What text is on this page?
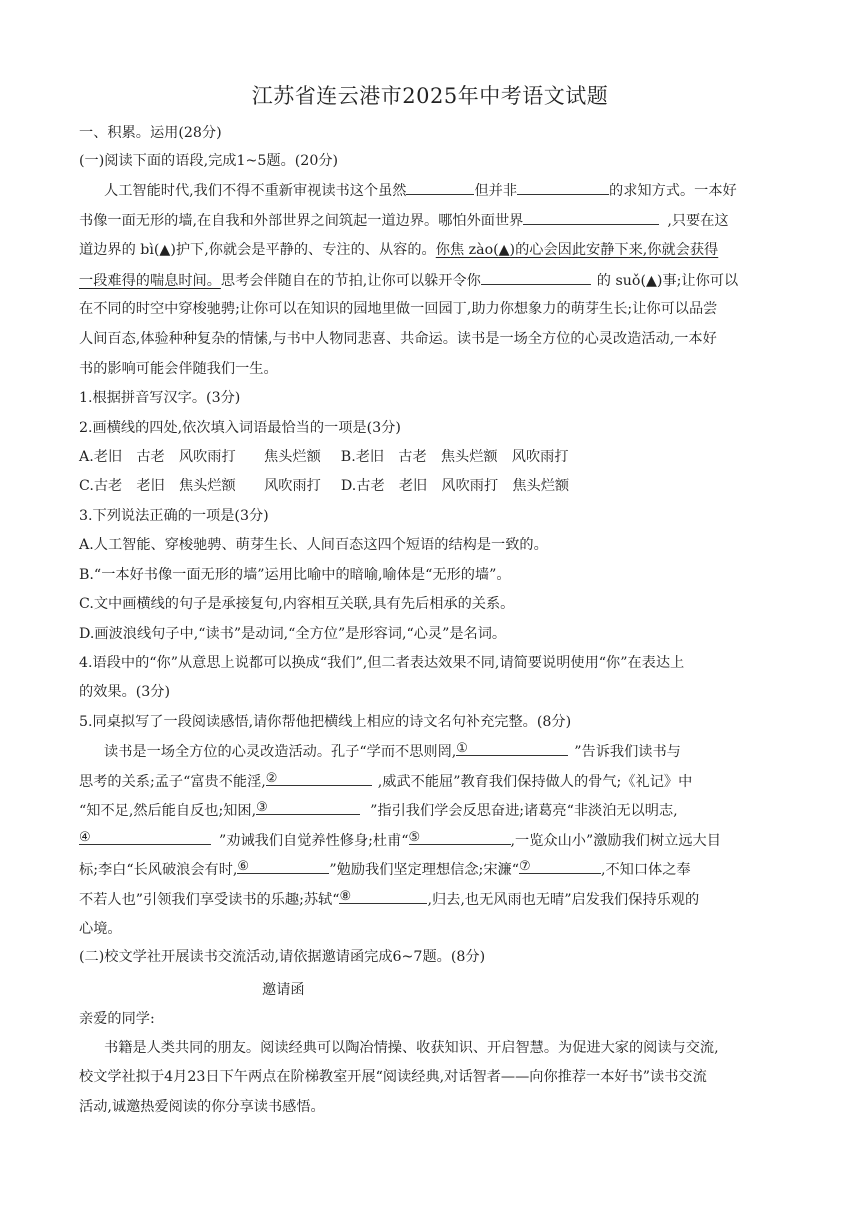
江苏省连云港市2025年中考语文试题
一、积累。运用(28分)
(一)阅读下面的语段,完成1~5题。(20分)
人工智能时代,我们不得不重新审视读书这个虽然	但并非	的求知方式。一本好
书像一面无形的墙,在自我和外部世界之间筑起一道边界。哪怕外面世界	,只要在这
道边界的 bì(▲)护下,你就会是平静的、专注的、从容的。你焦 zào(▲)的心会因此安静下来,你就会获得
一段难得的喘息时间。思考会伴随自在的节拍,让你可以躲开令你	的 suǒ(▲)事;让你可以
在不同的时空中穿梭驰骋;让你可以在知识的园地里做一回园丁,助力你想象力的萌芽生长;让你可以品尝
人间百态,体验种种复杂的情愫,与书中人物同悲喜、共命运。读书是一场全方位的心灵改造活动,一本好
书的影响可能会伴随我们一生。
1.根据拼音写汉字。(3分)
2.画横线的四处,依次填入词语最恰当的一项是(3分)
A.老旧　古老　风吹雨打　　焦头烂额 B.老旧　古老　焦头烂额　风吹雨打
C.古老　老旧　焦头烂额　　风吹雨打 D.古老　老旧　风吹雨打　焦头烂额
3.下列说法正确的一项是(3分)
A.人工智能、穿梭驰骋、萌芽生长、人间百态这四个短语的结构是一致的。
B.“一本好书像一面无形的墙”运用比喻中的暗喻,喻体是“无形的墙”。
C.文中画横线的句子是承接复句,内容相互关联,具有先后相承的关系。
D.画波浪线句子中,“读书”是动词,“全方位”是形容词,“心灵”是名词。
4.语段中的“你”从意思上说都可以换成“我们”,但二者表达效果不同,请简要说明使用“你”在表达上
的效果。(3分)
5.同桌拟写了一段阅读感悟,请你帮他把横线上相应的诗文名句补充完整。(8分)
读书是一场全方位的心灵改造活动。孔子“学而不思则罔, ①	”告诉我们读书与
思考的关系;孟子“富贵不能淫, ②	,威武不能屈”教育我们保持做人的骨气;《礼记》中
“知不足,然后能自反也;知困, ③	”指引我们学会反思奋进;诸葛亮“非淡泊无以明志,
④	”劝诫我们自觉养性修身;杜甫“ ⑤	,一览众山小”激励我们树立远大目
标;李白“长风破浪会有时, ⑥	”勉励我们坚定理想信念;宋濂“ ⑦	,不知口体之奉
不若人也”引领我们享受读书的乐趣;苏轼“ ⑧	,归去,也无风雨也无晴”启发我们保持乐观的
心境。
(二)校文学社开展读书交流活动,请依据邀请函完成6~7题。(8分)
邀请函
亲爱的同学:
书籍是人类共同的朋友。阅读经典可以陶冶情操、收获知识、开启智慧。为促进大家的阅读与交流,
校文学社拟于4月23日下午两点在阶梯教室开展“阅读经典,对话智者——向你推荐一本好书”读书交流
活动,诚邀热爱阅读的你分享读书感悟。
